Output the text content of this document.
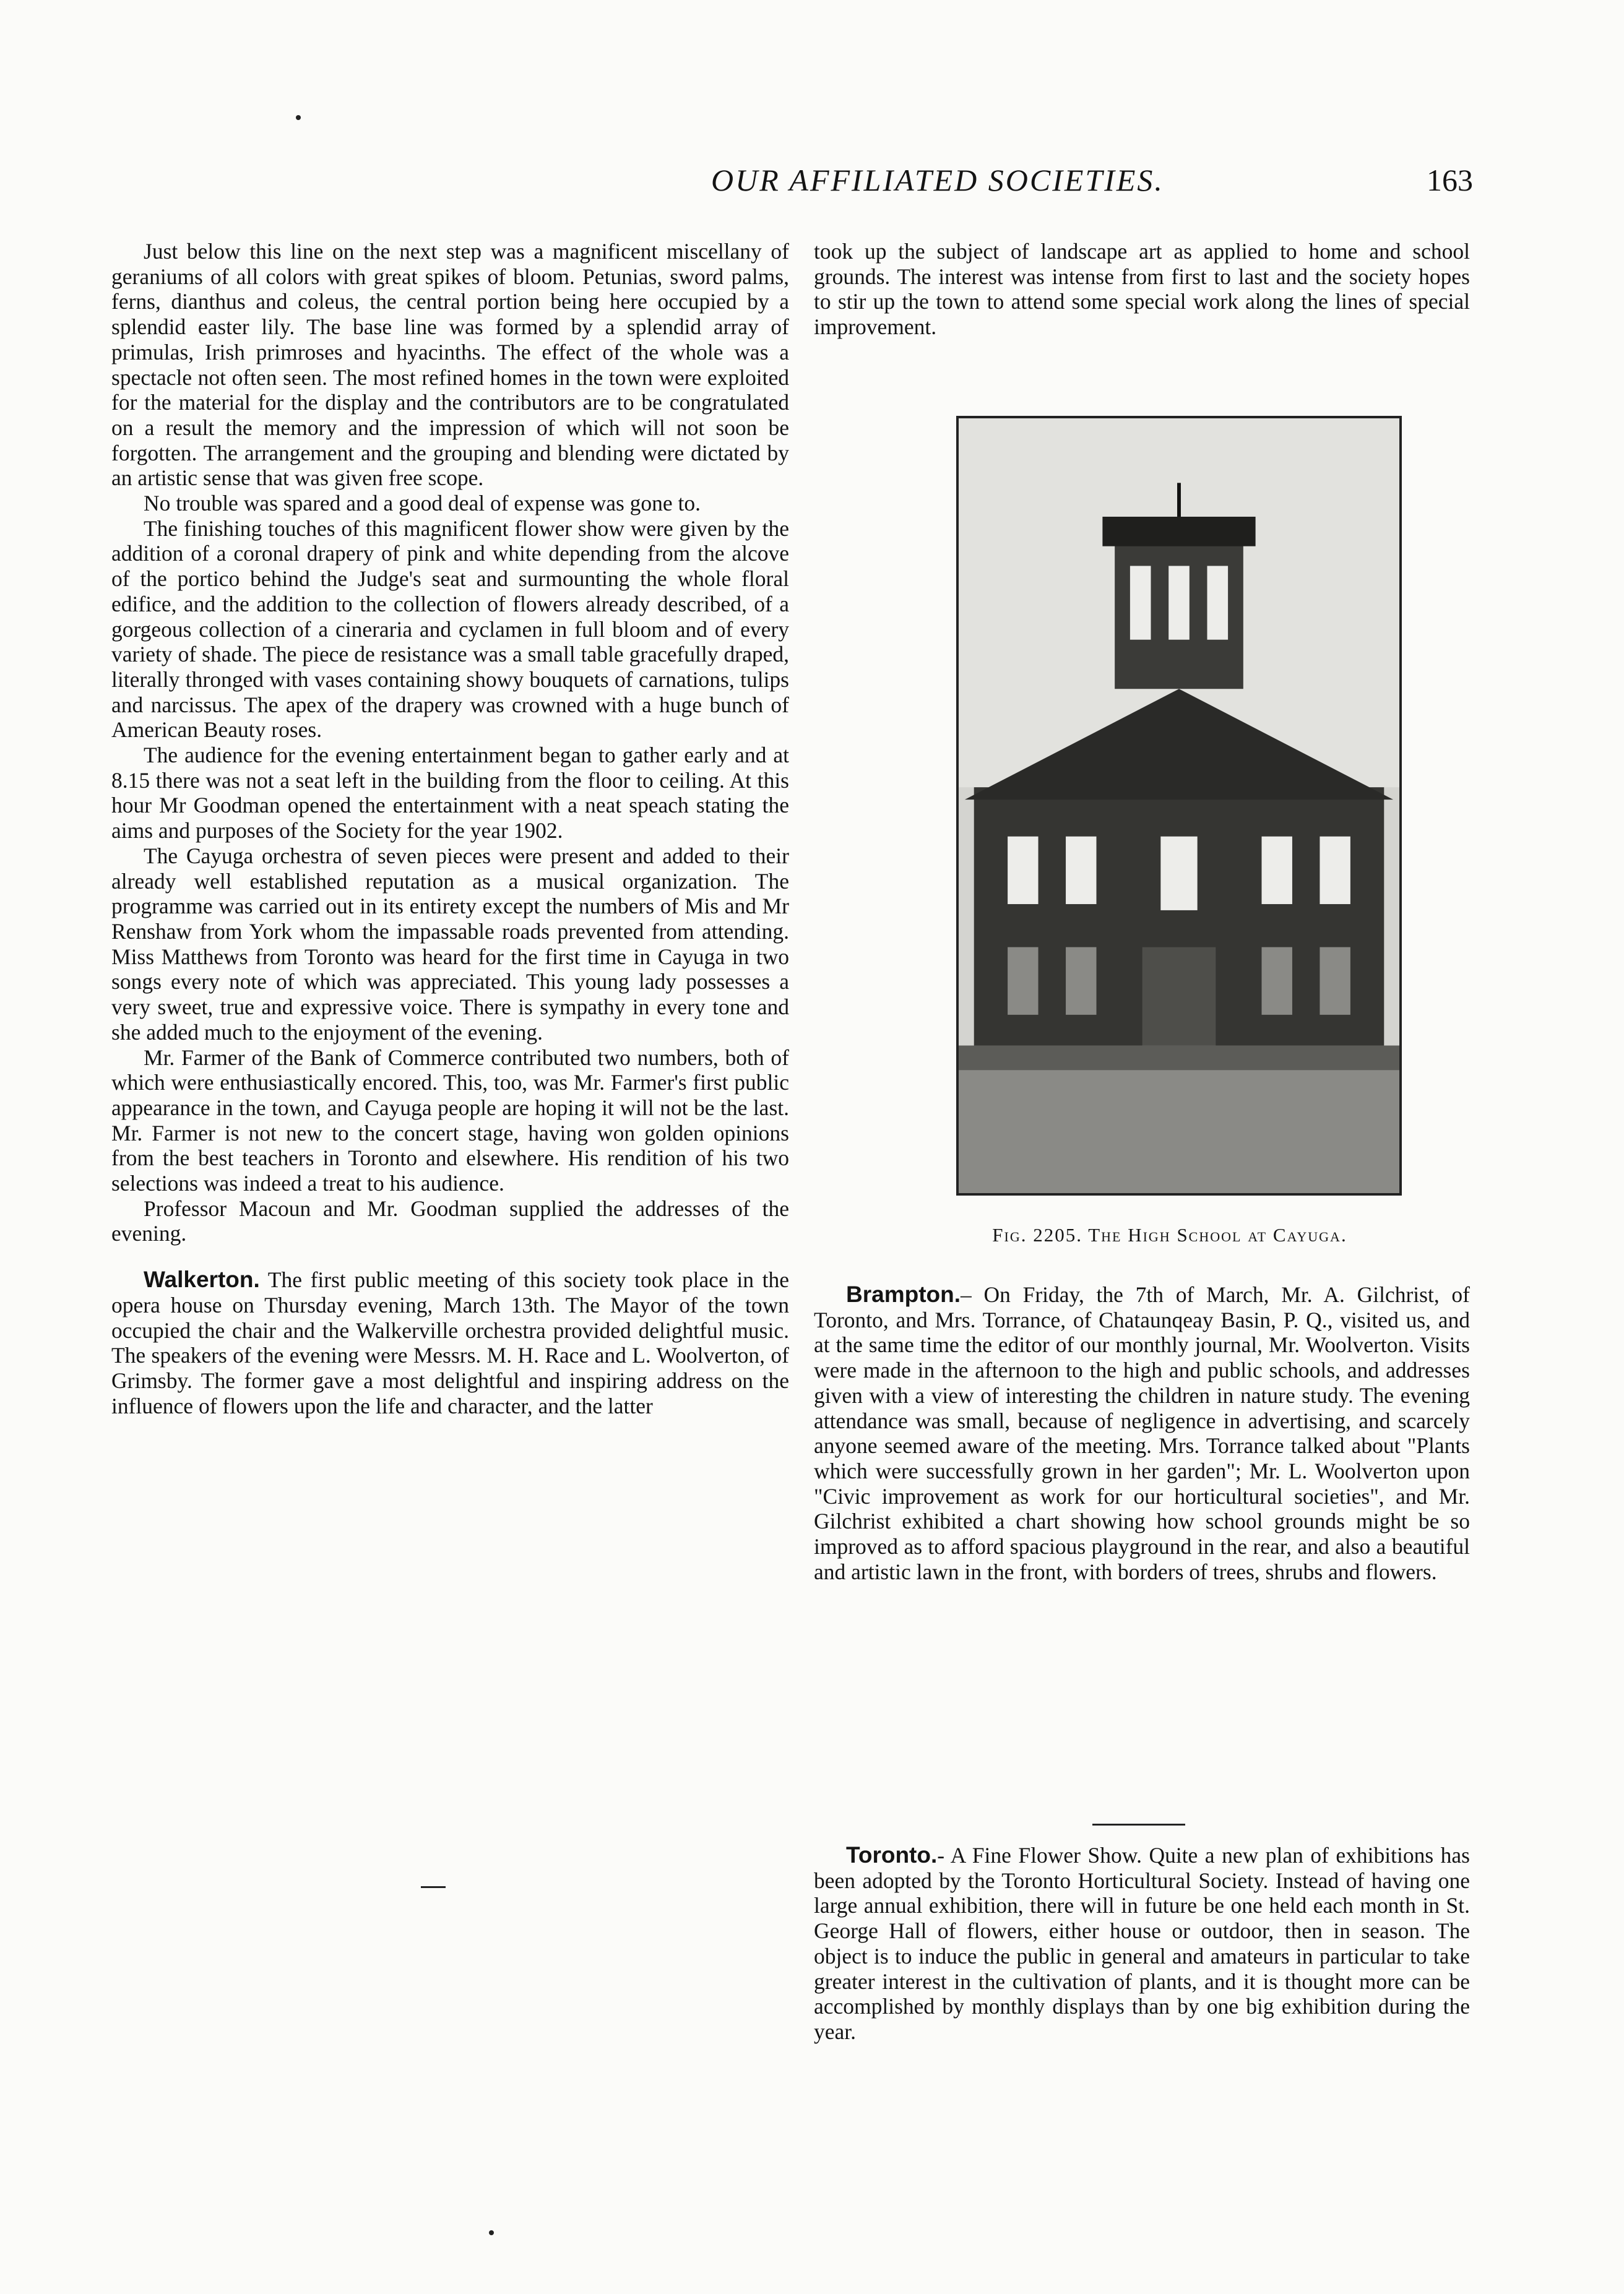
OUR AFFILIATED SOCIETIES.	163

Just below this line on the next step was a magnificent miscellany of geraniums of all colors with great spikes of bloom. Petunias, sword palms, ferns, dianthus and coleus, the central portion being here occupied by a splendid easter lily. The base line was formed by a splendid array of primulas, Irish primroses and hyacinths. The effect of the whole was a spectacle not often seen. The most refined homes in the town were exploited for the material for the display and the contributors are to be congratulated on a result the memory and the impression of which will not soon be forgotten. The arrangement and the grouping and blending were dictated by an artistic sense that was given free scope.

No trouble was spared and a good deal of expense was gone to.

The finishing touches of this magnificent flower show were given by the addition of a coronal drapery of pink and white depending from the alcove of the portico behind the Judge's seat and surmounting the whole floral edifice, and the addition to the collection of flowers already described, of a gorgeous collection of a cineraria and cyclamen in full bloom and of every variety of shade. The piece de resistance was a small table gracefully draped, literally thronged with vases containing showy bouquets of carnations, tulips and narcissus. The apex of the drapery was crowned with a huge bunch of American Beauty roses.

The audience for the evening entertainment began to gather early and at 8.15 there was not a seat left in the building from the floor to ceiling. At this hour Mr Goodman opened the entertainment with a neat speach stating the aims and purposes of the Society for the year 1902.

The Cayuga orchestra of seven pieces were present and added to their already well established reputation as a musical organization. The programme was carried out in its entirety except the numbers of Mis and Mr Renshaw from York whom the impassable roads prevented from attending. Miss Matthews from Toronto was heard for the first time in Cayuga in two songs every note of which was appreciated. This young lady possesses a very sweet, true and expressive voice. There is sympathy in every tone and she added much to the enjoyment of the evening.

Mr. Farmer of the Bank of Commerce contributed two numbers, both of which were enthusiastically encored. This, too, was Mr. Farmer's first public appearance in the town, and Cayuga people are hoping it will not be the last. Mr. Farmer is not new to the concert stage, having won golden opinions from the best teachers in Toronto and elsewhere. His rendition of his two selections was indeed a treat to his audience.

Professor Macoun and Mr. Goodman supplied the addresses of the evening.

Walkerton. The first public meeting of this society took place in the opera house on Thursday evening, March 13th. The Mayor of the town occupied the chair and the Walkerville orchestra provided delightful music. The speakers of the evening were Messrs. M. H. Race and L. Woolverton, of Grimsby. The former gave a most delightful and inspiring address on the influence of flowers upon the life and character, and the latter

took up the subject of landscape art as applied to home and school grounds. The interest was intense from first to last and the society hopes to stir up the town to attend some special work along the lines of special improvement.

Fig. 2205. The High School at Cayuga.

Brampton.– On Friday, the 7th of March, Mr. A. Gilchrist, of Toronto, and Mrs. Torrance, of Chataunqeay Basin, P. Q., visited us, and at the same time the editor of our monthly journal, Mr. Woolverton. Visits were made in the afternoon to the high and public schools, and addresses given with a view of interesting the children in nature study. The evening attendance was small, because of negligence in advertising, and scarcely anyone seemed aware of the meeting. Mrs. Torrance talked about "Plants which were successfully grown in her garden"; Mr. L. Woolverton upon "Civic improvement as work for our horticultural societies", and Mr. Gilchrist exhibited a chart showing how school grounds might be so improved as to afford spacious playground in the rear, and also a beautiful and artistic lawn in the front, with borders of trees, shrubs and flowers.

Toronto.- A Fine Flower Show. Quite a new plan of exhibitions has been adopted by the Toronto Horticultural Society. Instead of having one large annual exhibition, there will in future be one held each month in St. George Hall of flowers, either house or outdoor, then in season. The object is to induce the public in general and amateurs in particular to take greater interest in the cultivation of plants, and it is thought more can be accomplished by monthly displays than by one big exhibition during the year.
